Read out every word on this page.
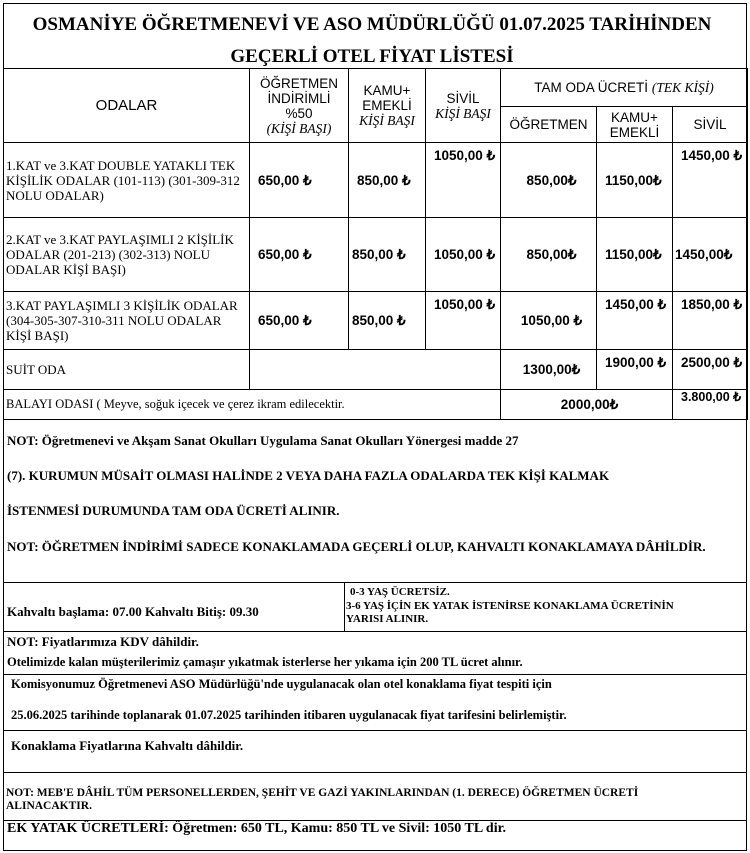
OSMANİYE ÖĞRETMENEVİ VE ASO MÜDÜRLÜĞÜ 01.07.2025 TARİHİNDEN
GEÇERLİ OTEL FİYAT LİSTESİ
ODALAR	ÖĞRETMEN
İNDİRİMLİ
%50
(KİŞİ BAŞI)	KAMU+
EMEKLİ
KİŞİ BAŞI	SİVİL
KİŞİ BAŞI	TAM ODA ÜCRETİ (TEK KİŞİ)		
				ÖĞRETMEN	KAMU+
EMEKLİ	SİVİL
1.KAT ve 3.KAT DOUBLE YATAKLI TEK KİŞİLİK ODALAR (101-113) (301-309-312 NOLU ODALAR)	650,00 ₺	850,00 ₺	1050,00 ₺	850,00₺	1150,00₺	1450,00 ₺
2.KAT ve 3.KAT PAYLAŞIMLI 2 KİŞİLİK ODALAR (201-213) (302-313) NOLU ODALAR KİŞİ BAŞI)	650,00 ₺	850,00 ₺	1050,00 ₺	850,00₺	1150,00₺	1450,00₺
3.KAT PAYLAŞIMLI 3 KİŞİLİK ODALAR (304-305-307-310-311 NOLU ODALAR KİŞİ BAŞI)	650,00 ₺	850,00 ₺	1050,00 ₺	1050,00 ₺	1450,00 ₺	1850,00 ₺
SUİT ODA				1300,00₺	1900,00 ₺	2500,00 ₺
BALAYI ODASI ( Meyve, soğuk içecek ve çerez ikram edilecektir.				2000,00₺		3.800,00 ₺
NOT: Öğretmenevi ve Akşam Sanat Okulları Uygulama Sanat Okulları Yönergesi madde 27
(7). KURUMUN MÜSAİT OLMASI HALİNDE 2 VEYA DAHA FAZLA ODALARDA TEK KİŞİ KALMAK
İSTENMESİ DURUMUNDA TAM ODA ÜCRETİ ALINIR.
NOT: ÖĞRETMEN İNDİRİMİ SADECE KONAKLAMADA GEÇERLİ OLUP, KAHVALTI KONAKLAMAYA DÂHİLDİR.
Kahvaltı başlama: 07.00 Kahvaltı Bitiş: 09.30
0-3 YAŞ ÜCRETSİZ.
3-6 YAŞ İÇİN EK YATAK İSTENİRSE KONAKLAMA ÜCRETİNİN YARISI ALINIR.
NOT: Fiyatlarımıza KDV dâhildir.
Otelimizde kalan müşterilerimiz çamaşır yıkatmak isterlerse her yıkama için 200 TL ücret alınır.
Komisyonumuz Öğretmenevi ASO Müdürlüğü'nde uygulanacak olan otel konaklama fiyat tespiti için
25.06.2025 tarihinde toplanarak 01.07.2025 tarihinden itibaren uygulanacak fiyat tarifesini belirlemiştir.
Konaklama Fiyatlarına Kahvaltı dâhildir.
NOT: MEB'E DÂHİL TÜM PERSONELLERDEN, ŞEHİT VE GAZİ YAKINLARINDAN (1. DERECE) ÖĞRETMEN ÜCRETİ ALINACAKTIR.
EK YATAK ÜCRETLERİ: Öğretmen: 650 TL, Kamu: 850 TL ve Sivil: 1050 TL dir.
